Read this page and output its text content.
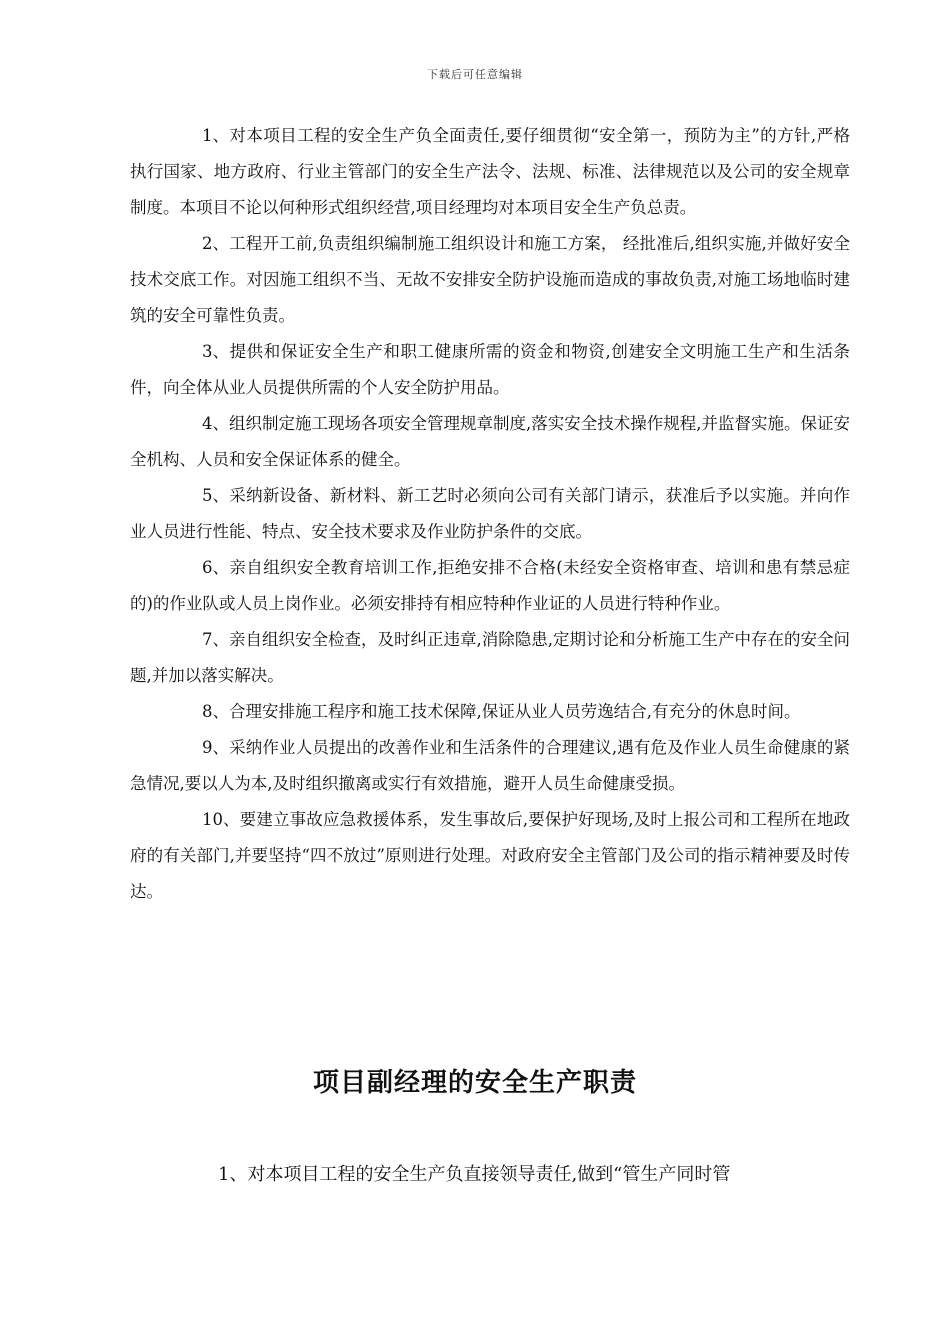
下载后可任意编辑

1、对本项目工程的安全生产负全面责任,要仔细贯彻“安全第一，预防为主”的方针,严格执行国家、地方政府、行业主管部门的安全生产法令、法规、标准、法律规范以及公司的安全规章制度。本项目不论以何种形式组织经营,项目经理均对本项目安全生产负总责。

2、工程开工前,负责组织编制施工组织设计和施工方案， 经批准后,组织实施,并做好安全技术交底工作。对因施工组织不当、无故不安排安全防护设施而造成的事故负责,对施工场地临时建筑的安全可靠性负责。

3、提供和保证安全生产和职工健康所需的资金和物资,创建安全文明施工生产和生活条件，向全体从业人员提供所需的个人安全防护用品。

4、组织制定施工现场各项安全管理规章制度,落实安全技术操作规程,并监督实施。保证安全机构、人员和安全保证体系的健全。

5、采纳新设备、新材料、新工艺时必须向公司有关部门请示，获准后予以实施。并向作业人员进行性能、特点、安全技术要求及作业防护条件的交底。

6、亲自组织安全教育培训工作,拒绝安排不合格(未经安全资格审查、培训和患有禁忌症的)的作业队或人员上岗作业。必须安排持有相应特种作业证的人员进行特种作业。

7、亲自组织安全检查，及时纠正违章,消除隐患,定期讨论和分析施工生产中存在的安全问题,并加以落实解决。

8、合理安排施工程序和施工技术保障,保证从业人员劳逸结合,有充分的休息时间。

9、采纳作业人员提出的改善作业和生活条件的合理建议,遇有危及作业人员生命健康的紧急情况,要以人为本,及时组织撤离或实行有效措施，避开人员生命健康受损。

10、要建立事故应急救援体系，发生事故后,要保护好现场,及时上报公司和工程所在地政府的有关部门,并要坚持“四不放过”原则进行处理。对政府安全主管部门及公司的指示精神要及时传达。

项目副经理的安全生产职责

1、对本项目工程的安全生产负直接领导责任,做到“管生产同时管
